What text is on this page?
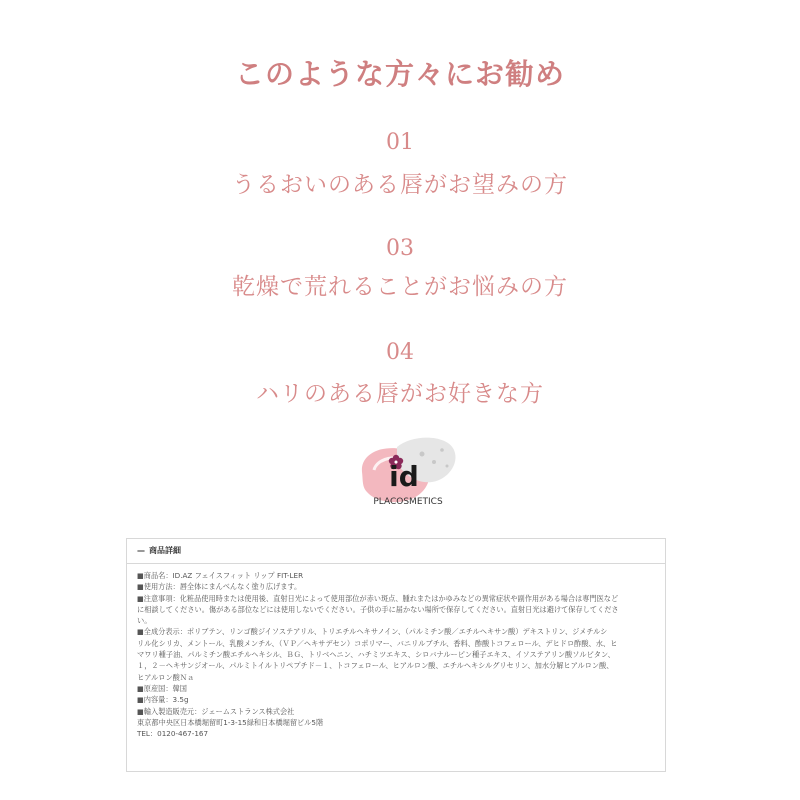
このような方々にお勧め
01
うるおいのある唇がお望みの方
03
乾燥で荒れることがお悩みの方
04
ハリのある唇がお好きな方
id
PLACOSMETICS
— 商品詳細
■商品名：ID.AZ フェイスフィット リップ FIT-LER
■使用方法：唇全体にまんべんなく塗り広げます。
■注意事項：化粧品使用時または使用後、直射日光によって使用部位が赤い斑点、腫れまたはかゆみなどの異常症状や副作用がある場合は専門医など
に相談してください。傷がある部位などには使用しないでください。子供の手に届かない場所で保存してください。直射日光は避けて保存してくださ
い。
■全成分表示：ポリブテン、リンゴ酸ジイソステアリル、トリエチルヘキサノイン、（パルミチン酸／エチルヘキサン酸）デキストリン、ジメチルシ
リル化シリカ、メントール、乳酸メンチル、（ＶＰ／ヘキサデセン）コポリマー、バニリルブチル、香料、酢酸トコフェロール、デヒドロ酢酸、水、ヒ
マワリ種子油、パルミチン酸エチルヘキシル、ＢＧ、トリベヘニン、ハチミツエキス、シロバナルーピン種子エキス、イソステアリン酸ソルビタン、
１，２－ヘキサンジオール、パルミトイルトリペプチド－１、トコフェロール、ヒアルロン酸、エチルヘキシルグリセリン、加水分解ヒアルロン酸、
ヒアルロン酸Ｎａ
■原産国：韓国
■内容量：3.5g
■輸入製造販売元：ジェームストランス株式会社
東京都中央区日本橋堀留町1-3-15緑和日本橋堀留ビル5階
TEL：0120-467-167
